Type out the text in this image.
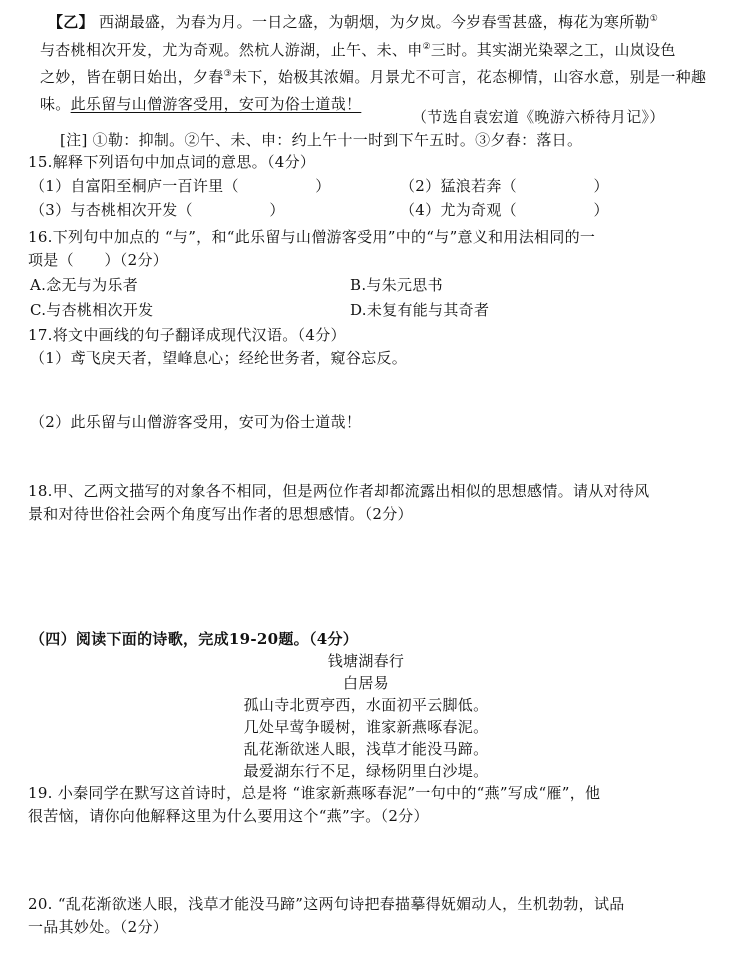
【乙】 西湖最盛，为春为月。一日之盛，为朝烟，为夕岚。今岁春雪甚盛，梅花为寒所勒①
与杏桃相次开发，尤为奇观。然杭人游湖，止午、未、申②三时。其实湖光染翠之工，山岚设色
之妙，皆在朝日始出，夕舂③未下，始极其浓媚。月景尤不可言，花态柳情，山容水意，别是一种趣
味。此乐留与山僧游客受用，安可为俗士道哉！
（节选自袁宏道《晚游六桥待月记》）
[注] ①勒：抑制。②午、未、申：约上午十一时到下午五时。③夕舂：落日。
15.解释下列语句中加点词的意思。（4分）
（1）自富阳至桐庐一百许里（　　　　　）	（2）猛浪若奔（　　　　　）
（3）与杏桃相次开发（　　　　　）	（4）尤为奇观（　　　　　）
16.下列句中加点的 “与”，和“此乐留与山僧游客受用”中的“与”意义和用法相同的一
项是（　　）（2分）
A.念无与为乐者	B.与朱元思书
C.与杏桃相次开发	D.未复有能与其奇者
17.将文中画线的句子翻译成现代汉语。（4分）
（1）鸢飞戾天者，望峰息心；经纶世务者，窥谷忘反。
（2）此乐留与山僧游客受用，安可为俗士道哉！
18.甲、乙两文描写的对象各不相同，但是两位作者却都流露出相似的思想感情。请从对待风
景和对待世俗社会两个角度写出作者的思想感情。（2分）
（四）阅读下面的诗歌，完成19-20题。（4分）
钱塘湖春行
白居易
孤山寺北贾亭西，水面初平云脚低。
几处早莺争暖树，谁家新燕啄春泥。
乱花渐欲迷人眼，浅草才能没马蹄。
最爱湖东行不足，绿杨阴里白沙堤。
19. 小秦同学在默写这首诗时，总是将 “谁家新燕啄春泥”一句中的“燕”写成“雁”，他
很苦恼，请你向他解释这里为什么要用这个“燕”字。（2分）
20. “乱花渐欲迷人眼，浅草才能没马蹄”这两句诗把春描摹得妩媚动人，生机勃勃，试品
一品其妙处。（2分）
